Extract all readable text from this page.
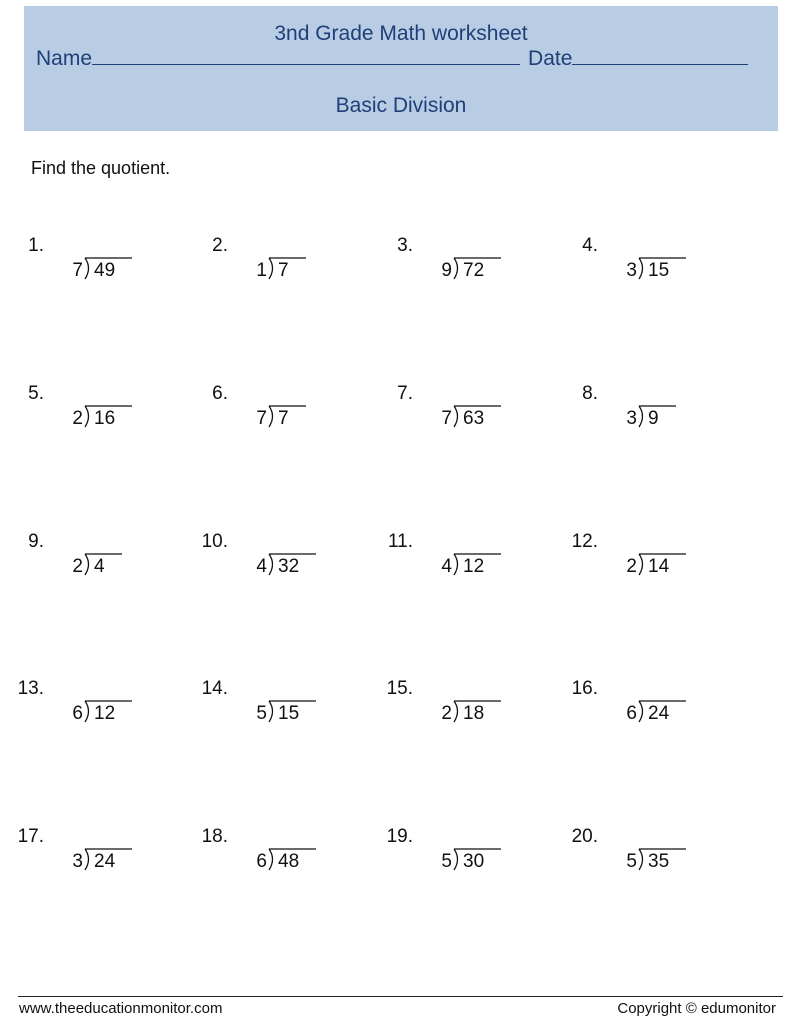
3nd Grade Math worksheet
Name	Date
Basic Division
Find the quotient.
1.
7 49
2.
1 7
3.
9 72
4.
3 15
5.
2 16
6.
7 7
7.
7 63
8.
3 9
9.
2 4
10.
4 32
11.
4 12
12.
2 14
13.
6 12
14.
5 15
15.
2 18
16.
6 24
17.
3 24
18.
6 48
19.
5 30
20.
5 35
www.theeducationmonitor.com	Copyright © edumonitor
